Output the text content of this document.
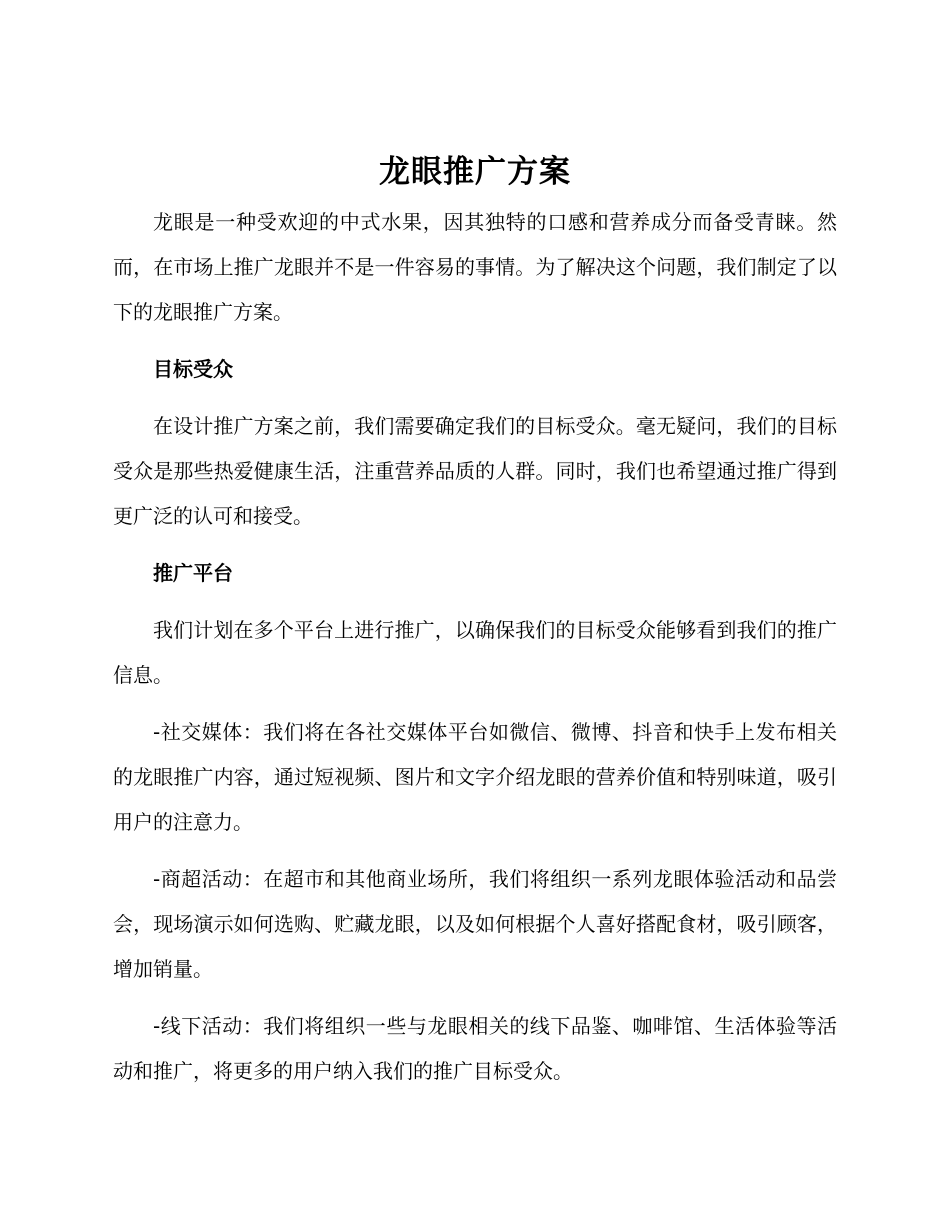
龙眼推广方案

龙眼是一种受欢迎的中式水果，因其独特的口感和营养成分而备受青睐。然而，在市场上推广龙眼并不是一件容易的事情。为了解决这个问题，我们制定了以下的龙眼推广方案。

目标受众

在设计推广方案之前，我们需要确定我们的目标受众。毫无疑问，我们的目标受众是那些热爱健康生活，注重营养品质的人群。同时，我们也希望通过推广得到更广泛的认可和接受。

推广平台

我们计划在多个平台上进行推广，以确保我们的目标受众能够看到我们的推广信息。

-社交媒体：我们将在各社交媒体平台如微信、微博、抖音和快手上发布相关的龙眼推广内容，通过短视频、图片和文字介绍龙眼的营养价值和特别味道，吸引用户的注意力。

-商超活动：在超市和其他商业场所，我们将组织一系列龙眼体验活动和品尝会，现场演示如何选购、贮藏龙眼，以及如何根据个人喜好搭配食材，吸引顾客，增加销量。

-线下活动：我们将组织一些与龙眼相关的线下品鉴、咖啡馆、生活体验等活动和推广，将更多的用户纳入我们的推广目标受众。
